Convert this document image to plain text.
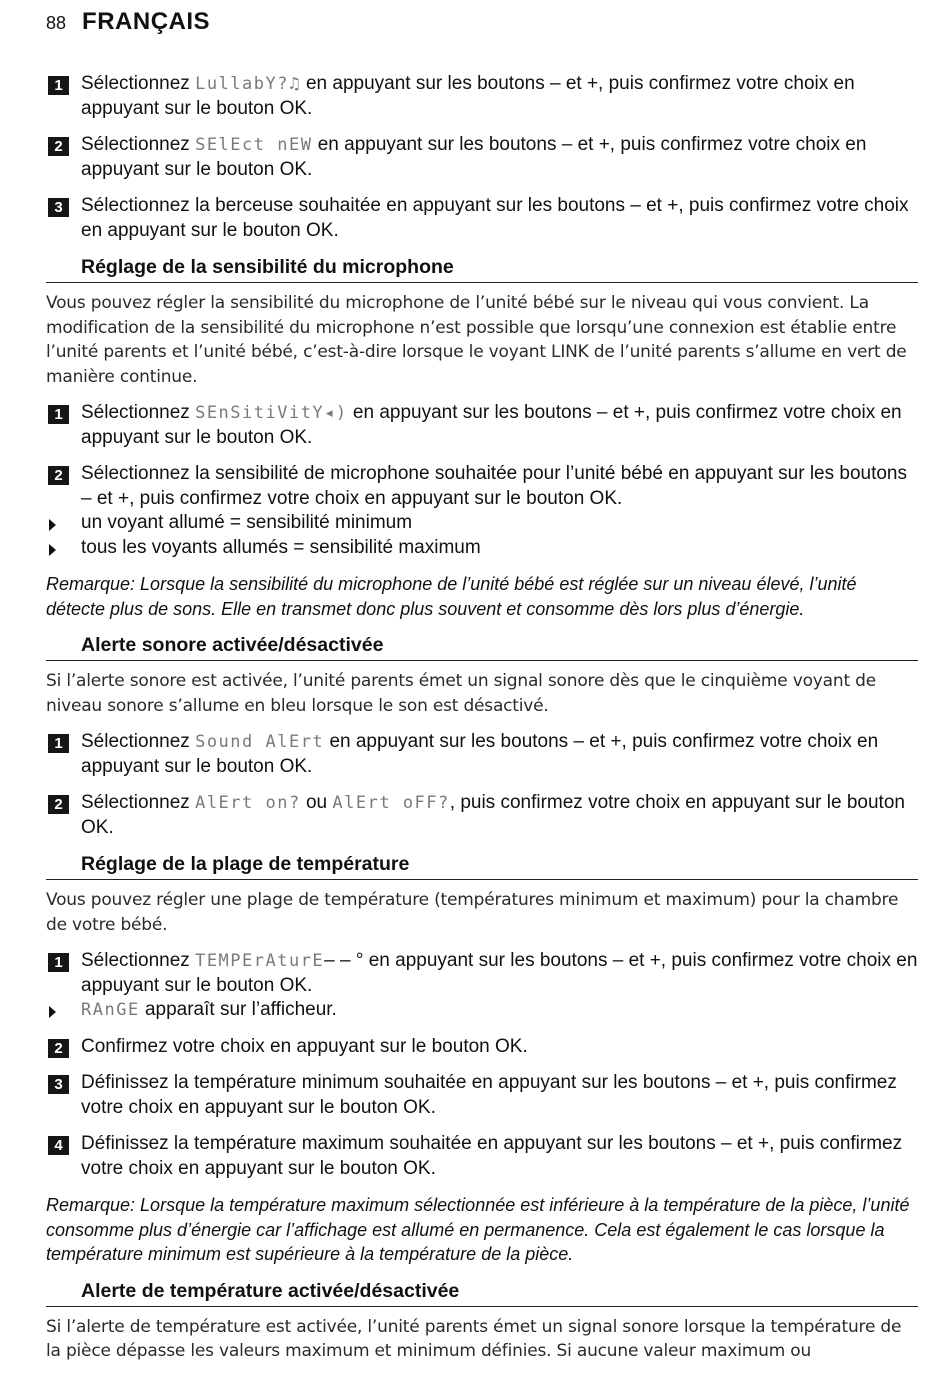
88 FRANÇAIS
1 Sélectionnez LullabY?♫ en appuyant sur les boutons – et +, puis confirmez votre choix en appuyant sur le bouton OK.
2 Sélectionnez SElEct nEW en appuyant sur les boutons – et +, puis confirmez votre choix en appuyant sur le bouton OK.
3 Sélectionnez la berceuse souhaitée en appuyant sur les boutons – et +, puis confirmez votre choix en appuyant sur le bouton OK.
Réglage de la sensibilité du microphone
Vous pouvez régler la sensibilité du microphone de l’unité bébé sur le niveau qui vous convient. La modification de la sensibilité du microphone n’est possible que lorsqu’une connexion est établie entre l’unité parents et l’unité bébé, c’est-à-dire lorsque le voyant LINK de l’unité parents s’allume en vert de manière continue.
1 Sélectionnez SEnSitiVitY◂) en appuyant sur les boutons – et +, puis confirmez votre choix en appuyant sur le bouton OK.
2 Sélectionnez la sensibilité de microphone souhaitée pour l’unité bébé en appuyant sur les boutons – et +, puis confirmez votre choix en appuyant sur le bouton OK.
un voyant allumé = sensibilité minimum
tous les voyants allumés = sensibilité maximum
Remarque: Lorsque la sensibilité du microphone de l’unité bébé est réglée sur un niveau élevé, l’unité détecte plus de sons. Elle en transmet donc plus souvent et consomme dès lors plus d’énergie.
Alerte sonore activée/désactivée
Si l’alerte sonore est activée, l’unité parents émet un signal sonore dès que le cinquième voyant de niveau sonore s’allume en bleu lorsque le son est désactivé.
1 Sélectionnez Sound AlErt en appuyant sur les boutons – et +, puis confirmez votre choix en appuyant sur le bouton OK.
2 Sélectionnez AlErt on? ou AlErt oFF?, puis confirmez votre choix en appuyant sur le bouton OK.
Réglage de la plage de température
Vous pouvez régler une plage de température (températures minimum et maximum) pour la chambre de votre bébé.
1 Sélectionnez TEMPErAturE– – ° en appuyant sur les boutons – et +, puis confirmez votre choix en appuyant sur le bouton OK.
RAnGE apparaît sur l’afficheur.
2 Confirmez votre choix en appuyant sur le bouton OK.
3 Définissez la température minimum souhaitée en appuyant sur les boutons – et +, puis confirmez votre choix en appuyant sur le bouton OK.
4 Définissez la température maximum souhaitée en appuyant sur les boutons – et +, puis confirmez votre choix en appuyant sur le bouton OK.
Remarque: Lorsque la température maximum sélectionnée est inférieure à la température de la pièce, l’unité consomme plus d’énergie car l’affichage est allumé en permanence. Cela est également le cas lorsque la température minimum est supérieure à la température de la pièce.
Alerte de température activée/désactivée
Si l’alerte de température est activée, l’unité parents émet un signal sonore lorsque la température de la pièce dépasse les valeurs maximum et minimum définies. Si aucune valeur maximum ou
